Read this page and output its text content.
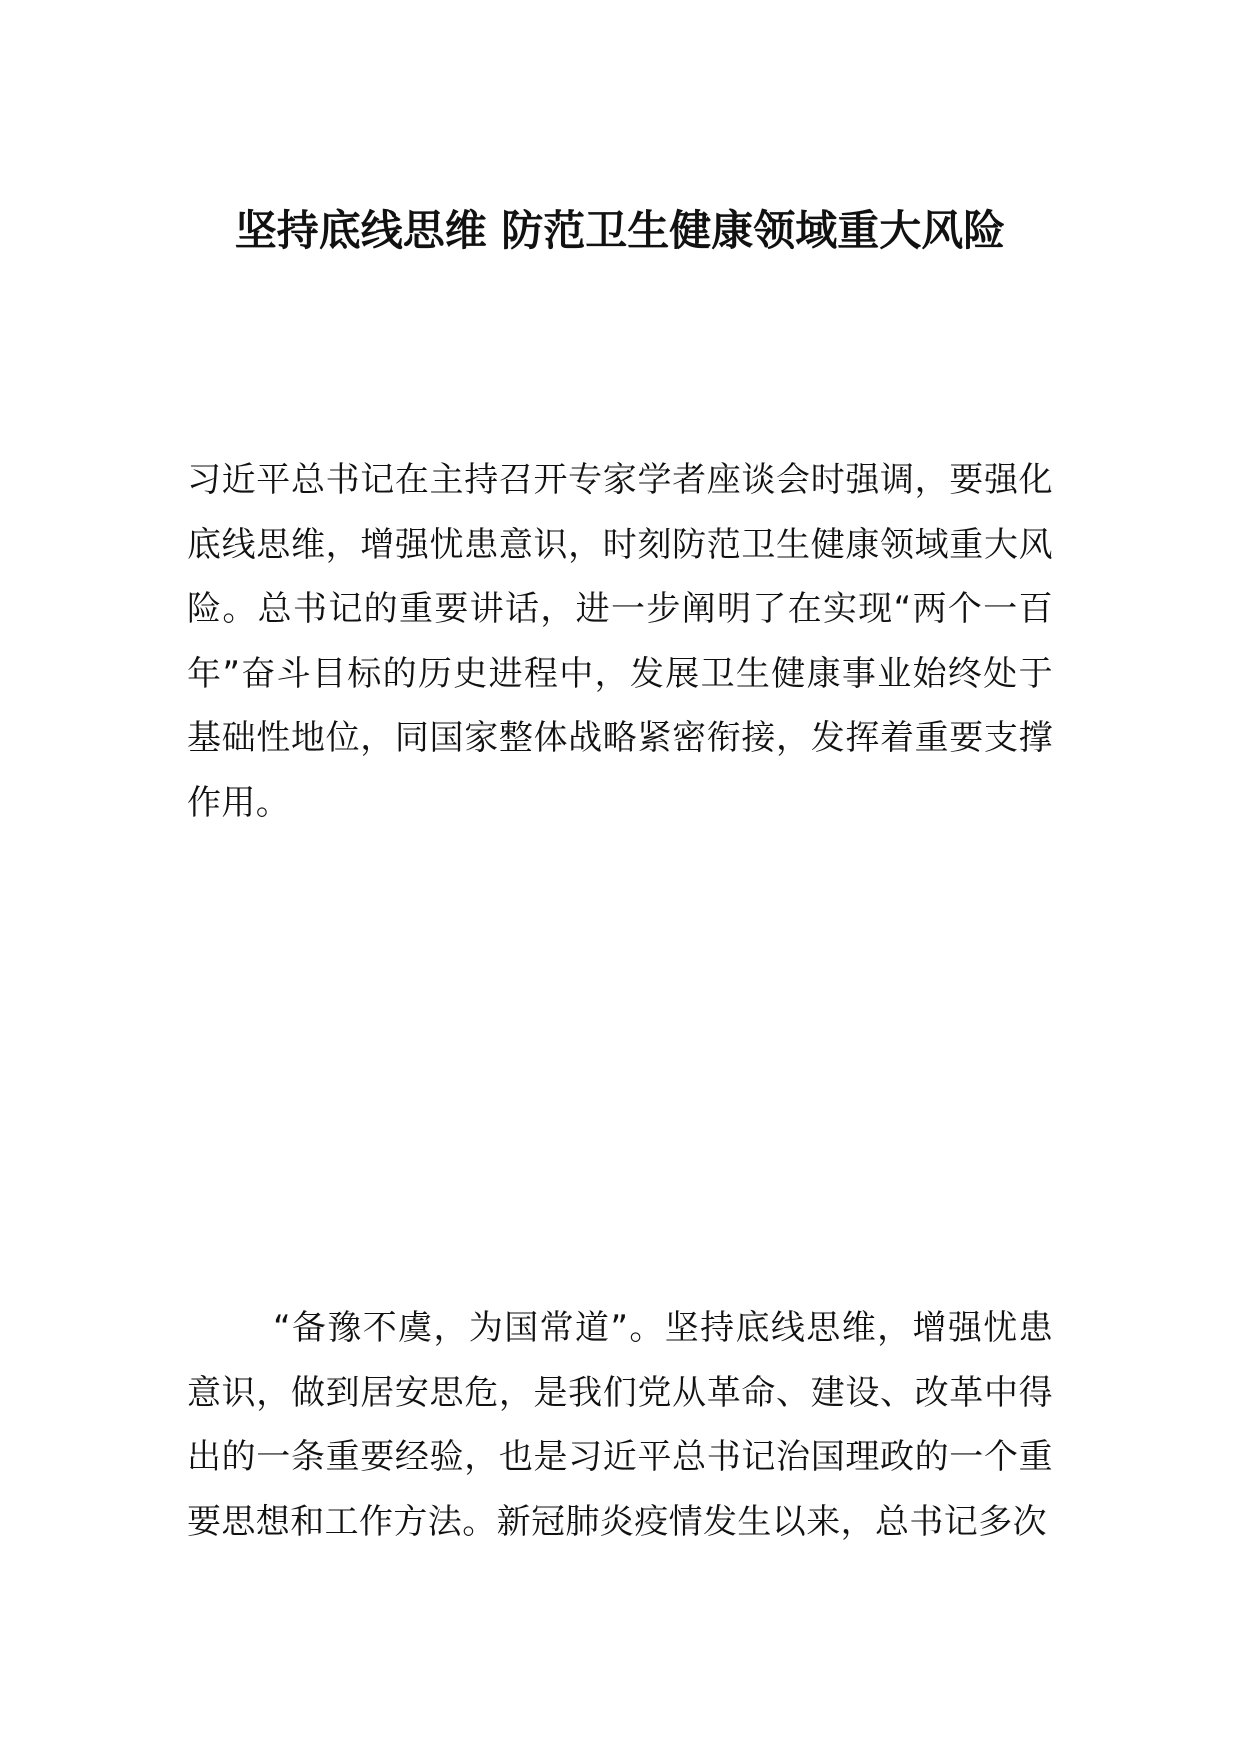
坚持底线思维 防范卫生健康领域重大风险

习近平总书记在主持召开专家学者座谈会时强调，要强化底线思维，增强忧患意识，时刻防范卫生健康领域重大风险。总书记的重要讲话，进一步阐明了在实现“两个一百年”奋斗目标的历史进程中，发展卫生健康事业始终处于基础性地位，同国家整体战略紧密衔接，发挥着重要支撑作用。

“备豫不虞，为国常道”。坚持底线思维，增强忧患意识，做到居安思危，是我们党从革命、建设、改革中得出的一条重要经验，也是习近平总书记治国理政的一个重要思想和工作方法。新冠肺炎疫情发生以来，总书记多次
